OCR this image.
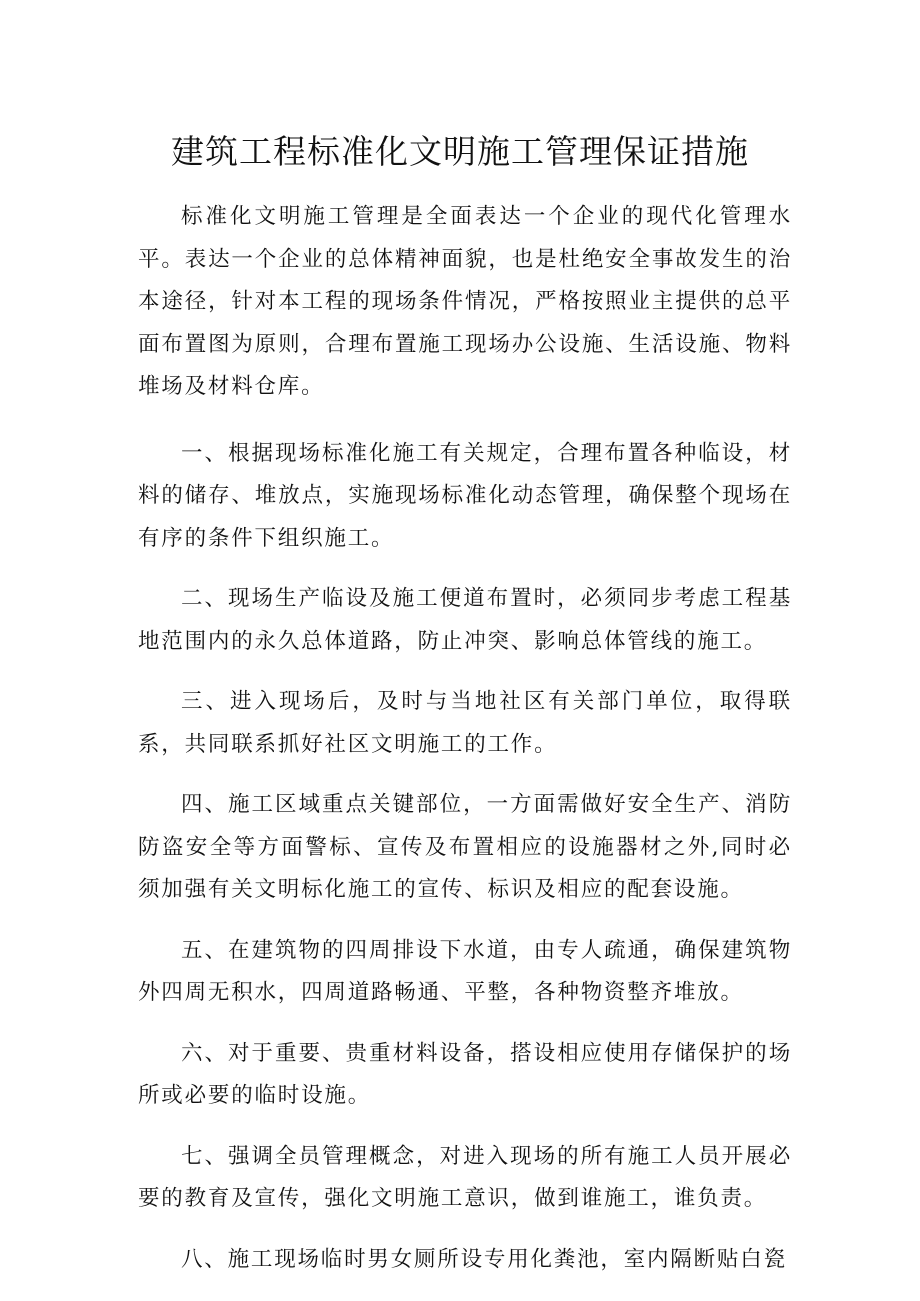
建筑工程标准化文明施工管理保证措施

标准化文明施工管理是全面表达一个企业的现代化管理水平。表达一个企业的总体精神面貌，也是杜绝安全事故发生的治本途径，针对本工程的现场条件情况，严格按照业主提供的总平面布置图为原则，合理布置施工现场办公设施、生活设施、物料堆场及材料仓库。

一、根据现场标准化施工有关规定，合理布置各种临设，材料的储存、堆放点，实施现场标准化动态管理，确保整个现场在有序的条件下组织施工。

二、现场生产临设及施工便道布置时，必须同步考虑工程基地范围内的永久总体道路，防止冲突、影响总体管线的施工。

三、进入现场后，及时与当地社区有关部门单位，取得联系，共同联系抓好社区文明施工的工作。

四、施工区域重点关键部位，一方面需做好安全生产、消防防盗安全等方面警标、宣传及布置相应的设施器材之外,同时必须加强有关文明标化施工的宣传、标识及相应的配套设施。

五、在建筑物的四周排设下水道，由专人疏通，确保建筑物外四周无积水，四周道路畅通、平整，各种物资整齐堆放。

六、对于重要、贵重材料设备，搭设相应使用存储保护的场所或必要的临时设施。

七、强调全员管理概念，对进入现场的所有施工人员开展必要的教育及宣传，强化文明施工意识，做到谁施工，谁负责。

八、施工现场临时男女厕所设专用化粪池，室内隔断贴白瓷
